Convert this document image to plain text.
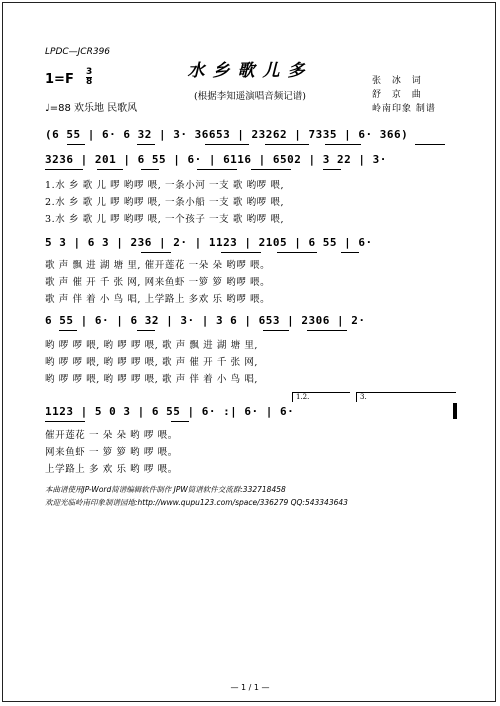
LPDC—JCR396
水乡歌儿多
(根据李知遥演唱音频记谱)
$1=F \frac{3}{8}$
♩=88 欢乐地 民歌风
张 冰 词
舒 京 曲
岭南印象 制谱
(6 55 | 6· 6 32 | 3· 36653 | 23262 | 7335 | 6· 366)
3236 | 201 | 6 55 | 6· | 6116 | 6502 | 3 22 | 3·
1.水 乡 歌 儿 啰 哟啰 喂, 一条小河 一支 歌 哟啰 喂,
2.水 乡 歌 儿 啰 哟啰 喂, 一条小船 一支 歌 哟啰 喂,
3.水 乡 歌 儿 啰 哟啰 喂, 一个孩子 一支 歌 哟啰 喂,
5 3 | 6 3 | 236 | 2· | 1123 | 2105 | 6 55 | 6·
歌 声 飘 进 湖 塘 里, 催开莲花 一朵 朵 哟啰 喂。
歌 声 催 开 千 张 网, 网来鱼虾 一箩 箩 哟啰 喂。
歌 声 伴 着 小 鸟 唱, 上学路上 多欢 乐 哟啰 喂。
6 55 | 6· | 6 32 | 3· | 3 6 | 653 | 2306 | 2·
哟 啰 啰 喂, 哟 啰 啰 喂, 歌 声 飘 进 湖 塘 里,
哟 啰 啰 喂, 哟 啰 啰 喂, 歌 声 催 开 千 张 网,
哟 啰 啰 喂, 哟 啰 啰 喂, 歌 声 伴 着 小 鸟 唱,
1.2.	3.
1123 | 5 0 3 | 6 55 | 6· :| 6· | 6·
催开莲花 一 朵 朵 哟 啰 喂。
网来鱼虾 一 箩 箩 哟 啰 喂。
上学路上 多 欢 乐 哟 啰 喂。
本曲谱使用JP-Word简谱编辑软件制作 JPW简谱软件交流群:332718458
欢迎光临岭南印象制谱园地:http://www.qupu123.com/space/336279 QQ:543343643
— 1 / 1 —
